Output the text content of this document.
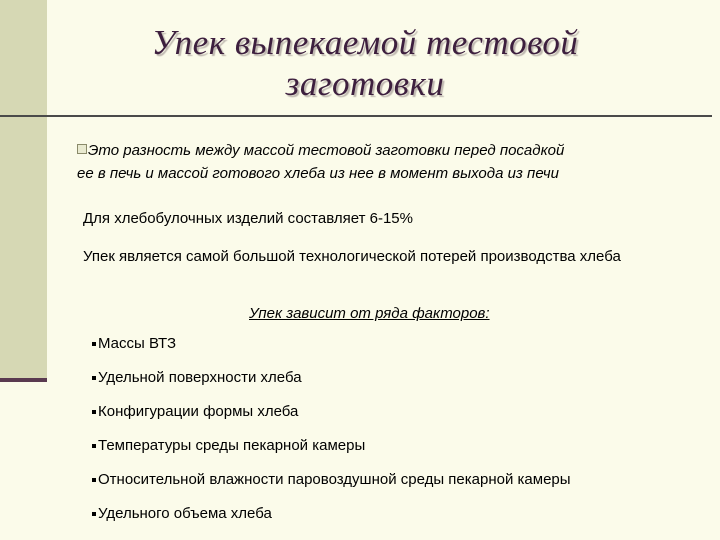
Упек выпекаемой тестовой
заготовки
Это разность между массой тестовой заготовки перед посадкой
ее в печь и массой готового хлеба из нее в момент выхода из печи
Для хлебобулочных изделий составляет 6-15%
Упек является самой большой технологической потерей производства хлеба
Упек зависит от ряда факторов:
Массы ВТЗ
Удельной поверхности хлеба
Конфигурации формы хлеба
Температуры среды пекарной камеры
Относительной влажности паровоздушной среды пекарной камеры
Удельного объема хлеба
